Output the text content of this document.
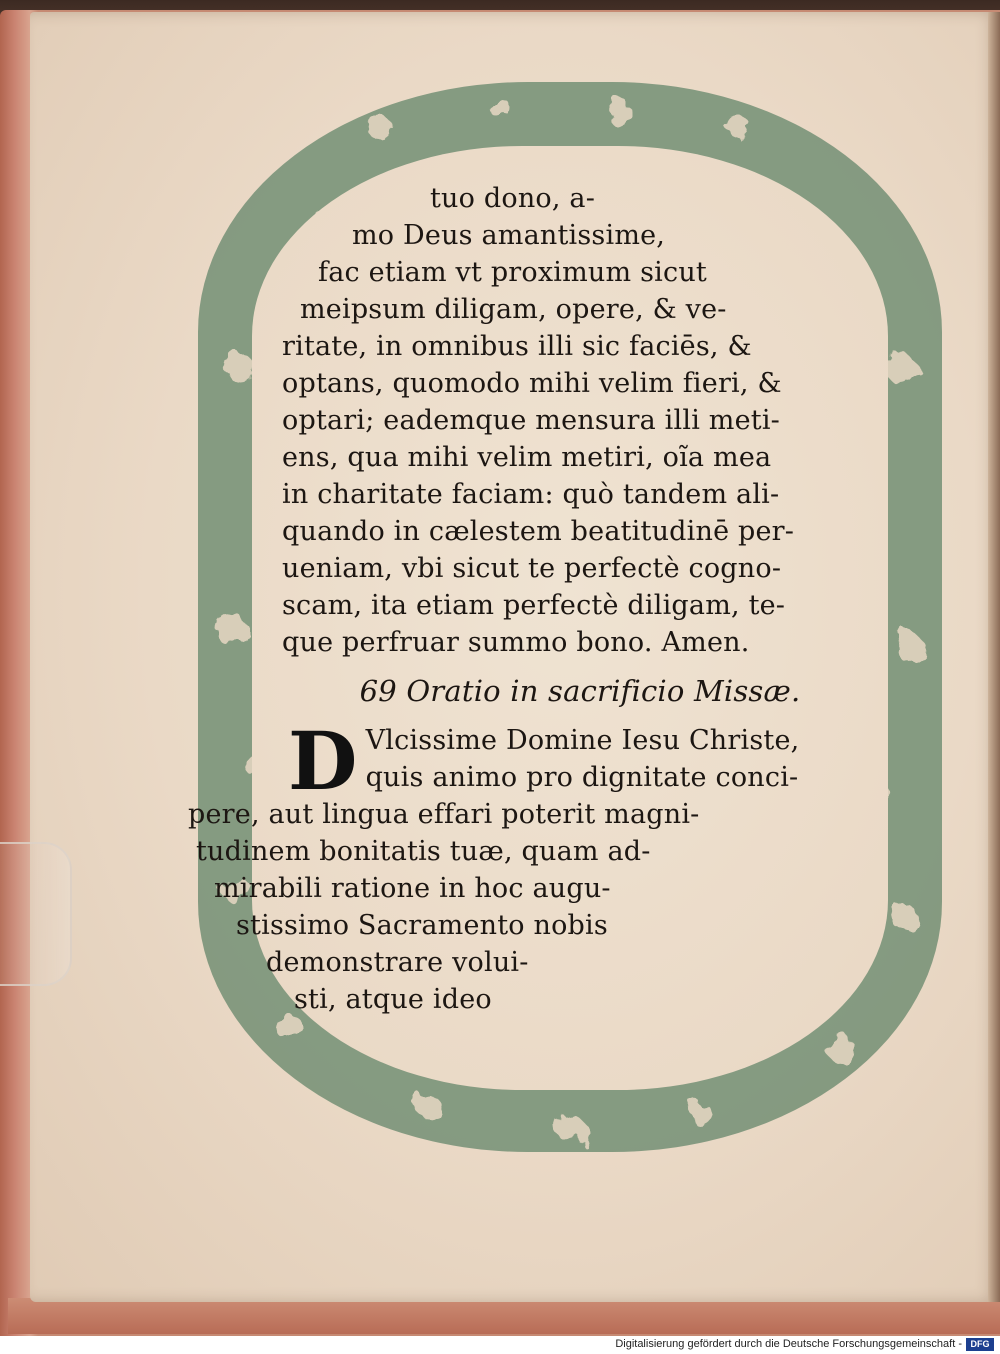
tuo dono, a-
mo Deus amantissime,
fac etiam vt proximum sicut
meipsum diligam, opere, & ve-
ritate, in omnibus illi sic faciēs, &
optans, quomodo mihi velim fieri, &
optari; eademque mensura illi meti-
ens, qua mihi velim metiri, oĩa mea
in charitate faciam: quò tandem ali-
quando in cælestem beatitudinē per-
ueniam, vbi sicut te perfectè cogno-
scam, ita etiam perfectè diligam, te-
que perfruar summo bono. Amen.
69 Oratio in sacrificio Missæ.
D Vlcissime Domine Iesu Christe,
quis animo pro dignitate conci-
pere, aut lingua effari poterit magni-
tudinem bonitatis tuæ, quam ad-
mirabili ratione in hoc augu-
stissimo Sacramento nobis
demonstrare volui-
sti, atque ideo
Digitalisierung gefördert durch die Deutsche Forschungsgemeinschaft - DFG
